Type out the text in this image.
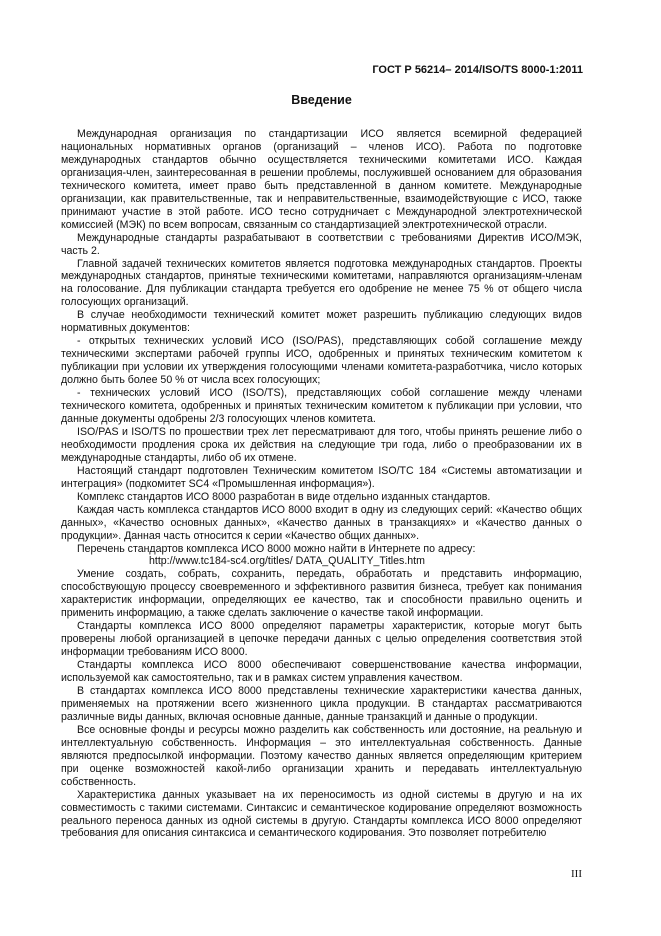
ГОСТ Р 56214– 2014/ISO/TS 8000-1:2011
Введение

Международная организация по стандартизации ИСО является всемирной федерацией национальных нормативных органов (организаций – членов ИСО). Работа по подготовке международных стандартов обычно осуществляется техническими комитетами ИСО. Каждая организация-член, заинтересованная в решении проблемы, послужившей основанием для образования технического комитета, имеет право быть представленной в данном комитете. Международные организации, как правительственные, так и неправительственные, взаимодействующие с ИСО, также принимают участие в этой работе. ИСО тесно сотрудничает с Международной электротехнической комиссией (МЭК) по всем вопросам, связанным со стандартизацией электротехнической отрасли.

Международные стандарты разрабатывают в соответствии с требованиями Директив ИСО/МЭК, часть 2.

Главной задачей технических комитетов является подготовка международных стандартов. Проекты международных стандартов, принятые техническими комитетами, направляются организациям-членам на голосование. Для публикации стандарта требуется его одобрение не менее 75 % от общего числа голосующих организаций.

В случае необходимости технический комитет может разрешить публикацию следующих видов нормативных документов:

- открытых технических условий ИСО (ISO/PAS), представляющих собой соглашение между техническими экспертами рабочей группы ИСО, одобренных и принятых техническим комитетом к публикации при условии их утверждения голосующими членами комитета-разработчика, число которых должно быть более 50 % от числа всех голосующих;

- технических условий ИСО (ISO/TS), представляющих собой соглашение между членами технического комитета, одобренных и принятых техническим комитетом к публикации при условии, что данные документы одобрены 2/3 голосующих членов комитета.

ISO/PAS и ISO/TS по прошествии трех лет пересматривают для того, чтобы принять решение либо о необходимости продления срока их действия на следующие три года, либо о преобразовании их в международные стандарты, либо об их отмене.

Настоящий стандарт подготовлен Техническим комитетом ISO/TC 184 «Системы автоматизации и интеграция» (подкомитет SC4 «Промышленная информация»).

Комплекс стандартов ИСО 8000 разработан в виде отдельно изданных стандартов.

Каждая часть комплекса стандартов ИСО 8000 входит в одну из следующих серий: «Качество общих данных», «Качество основных данных», «Качество данных в транзакциях» и «Качество данных о продукции». Данная часть относится к серии «Качество общих данных».

Перечень стандартов комплекса ИСО 8000 можно найти в Интернете по адресу:

http://www.tc184-sc4.org/titles/ DATA_QUALITY_Titles.htm

Умение создать, собрать, сохранить, передать, обработать и представить информацию, способствующую процессу своевременного и эффективного развития бизнеса, требует как понимания характеристик информации, определяющих ее качество, так и способности правильно оценить и применить информацию, а также сделать заключение о качестве такой информации.

Стандарты комплекса ИСО 8000 определяют параметры характеристик, которые могут быть проверены любой организацией в цепочке передачи данных с целью определения соответствия этой информации требованиям ИСО 8000.

Стандарты комплекса ИСО 8000 обеспечивают совершенствование качества информации, используемой как самостоятельно, так и в рамках систем управления качеством.

В стандартах комплекса ИСО 8000 представлены технические характеристики качества данных, применяемых на протяжении всего жизненного цикла продукции. В стандартах рассматриваются различные виды данных, включая основные данные, данные транзакций и данные о продукции.

Все основные фонды и ресурсы можно разделить как собственность или достояние, на реальную и интеллектуальную собственность. Информация – это интеллектуальная собственность. Данные являются предпосылкой информации. Поэтому качество данных является определяющим критерием при оценке возможностей какой-либо организации хранить и передавать интеллектуальную собственность.

Характеристика данных указывает на их переносимость из одной системы в другую и на их совместимость с такими системами. Синтаксис и семантическое кодирование определяют возможность реального переноса данных из одной системы в другую. Стандарты комплекса ИСО 8000 определяют требования для описания синтаксиса и семантического кодирования. Это позволяет потребителю

III
